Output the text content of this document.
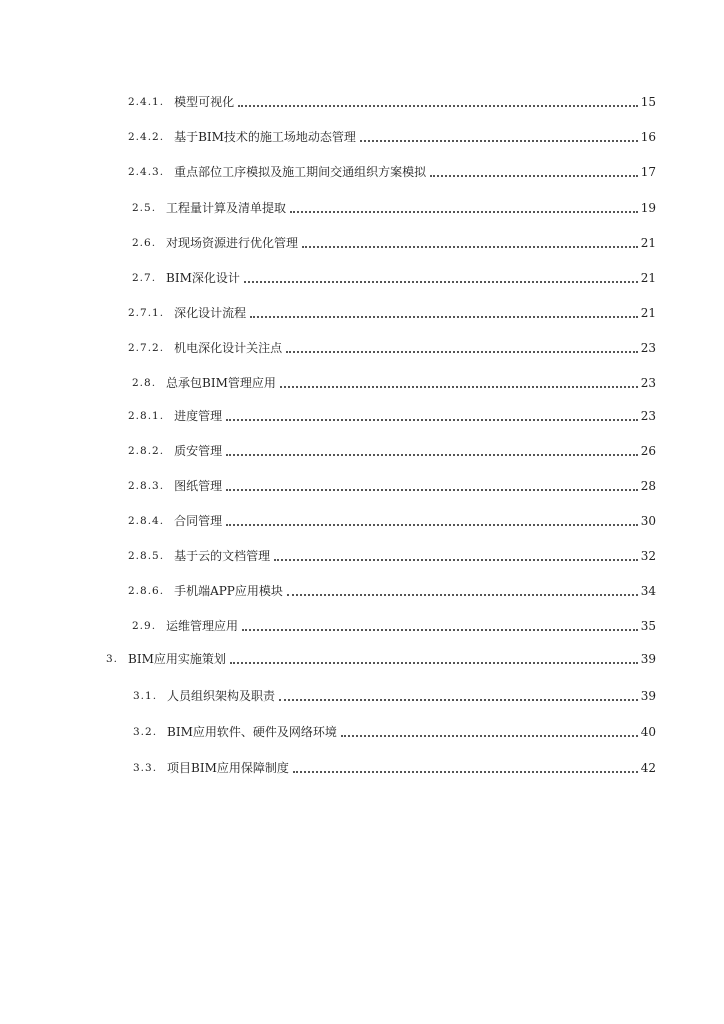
2.4.1. 模型可视化	15
2.4.2. 基于BIM技术的施工场地动态管理	16
2.4.3. 重点部位工序模拟及施工期间交通组织方案模拟	17
2.5. 工程量计算及清单提取	19
2.6. 对现场资源进行优化管理	21
2.7. BIM深化设计	21
2.7.1. 深化设计流程	21
2.7.2. 机电深化设计关注点	23
2.8. 总承包BIM管理应用	23
2.8.1. 进度管理	23
2.8.2. 质安管理	26
2.8.3. 图纸管理	28
2.8.4. 合同管理	30
2.8.5. 基于云的文档管理	32
2.8.6. 手机端APP应用模块	34
2.9. 运维管理应用	35
3. BIM应用实施策划	39
3.1. 人员组织架构及职责	39
3.2. BIM应用软件、硬件及网络环境	40
3.3. 项目BIM应用保障制度	42
